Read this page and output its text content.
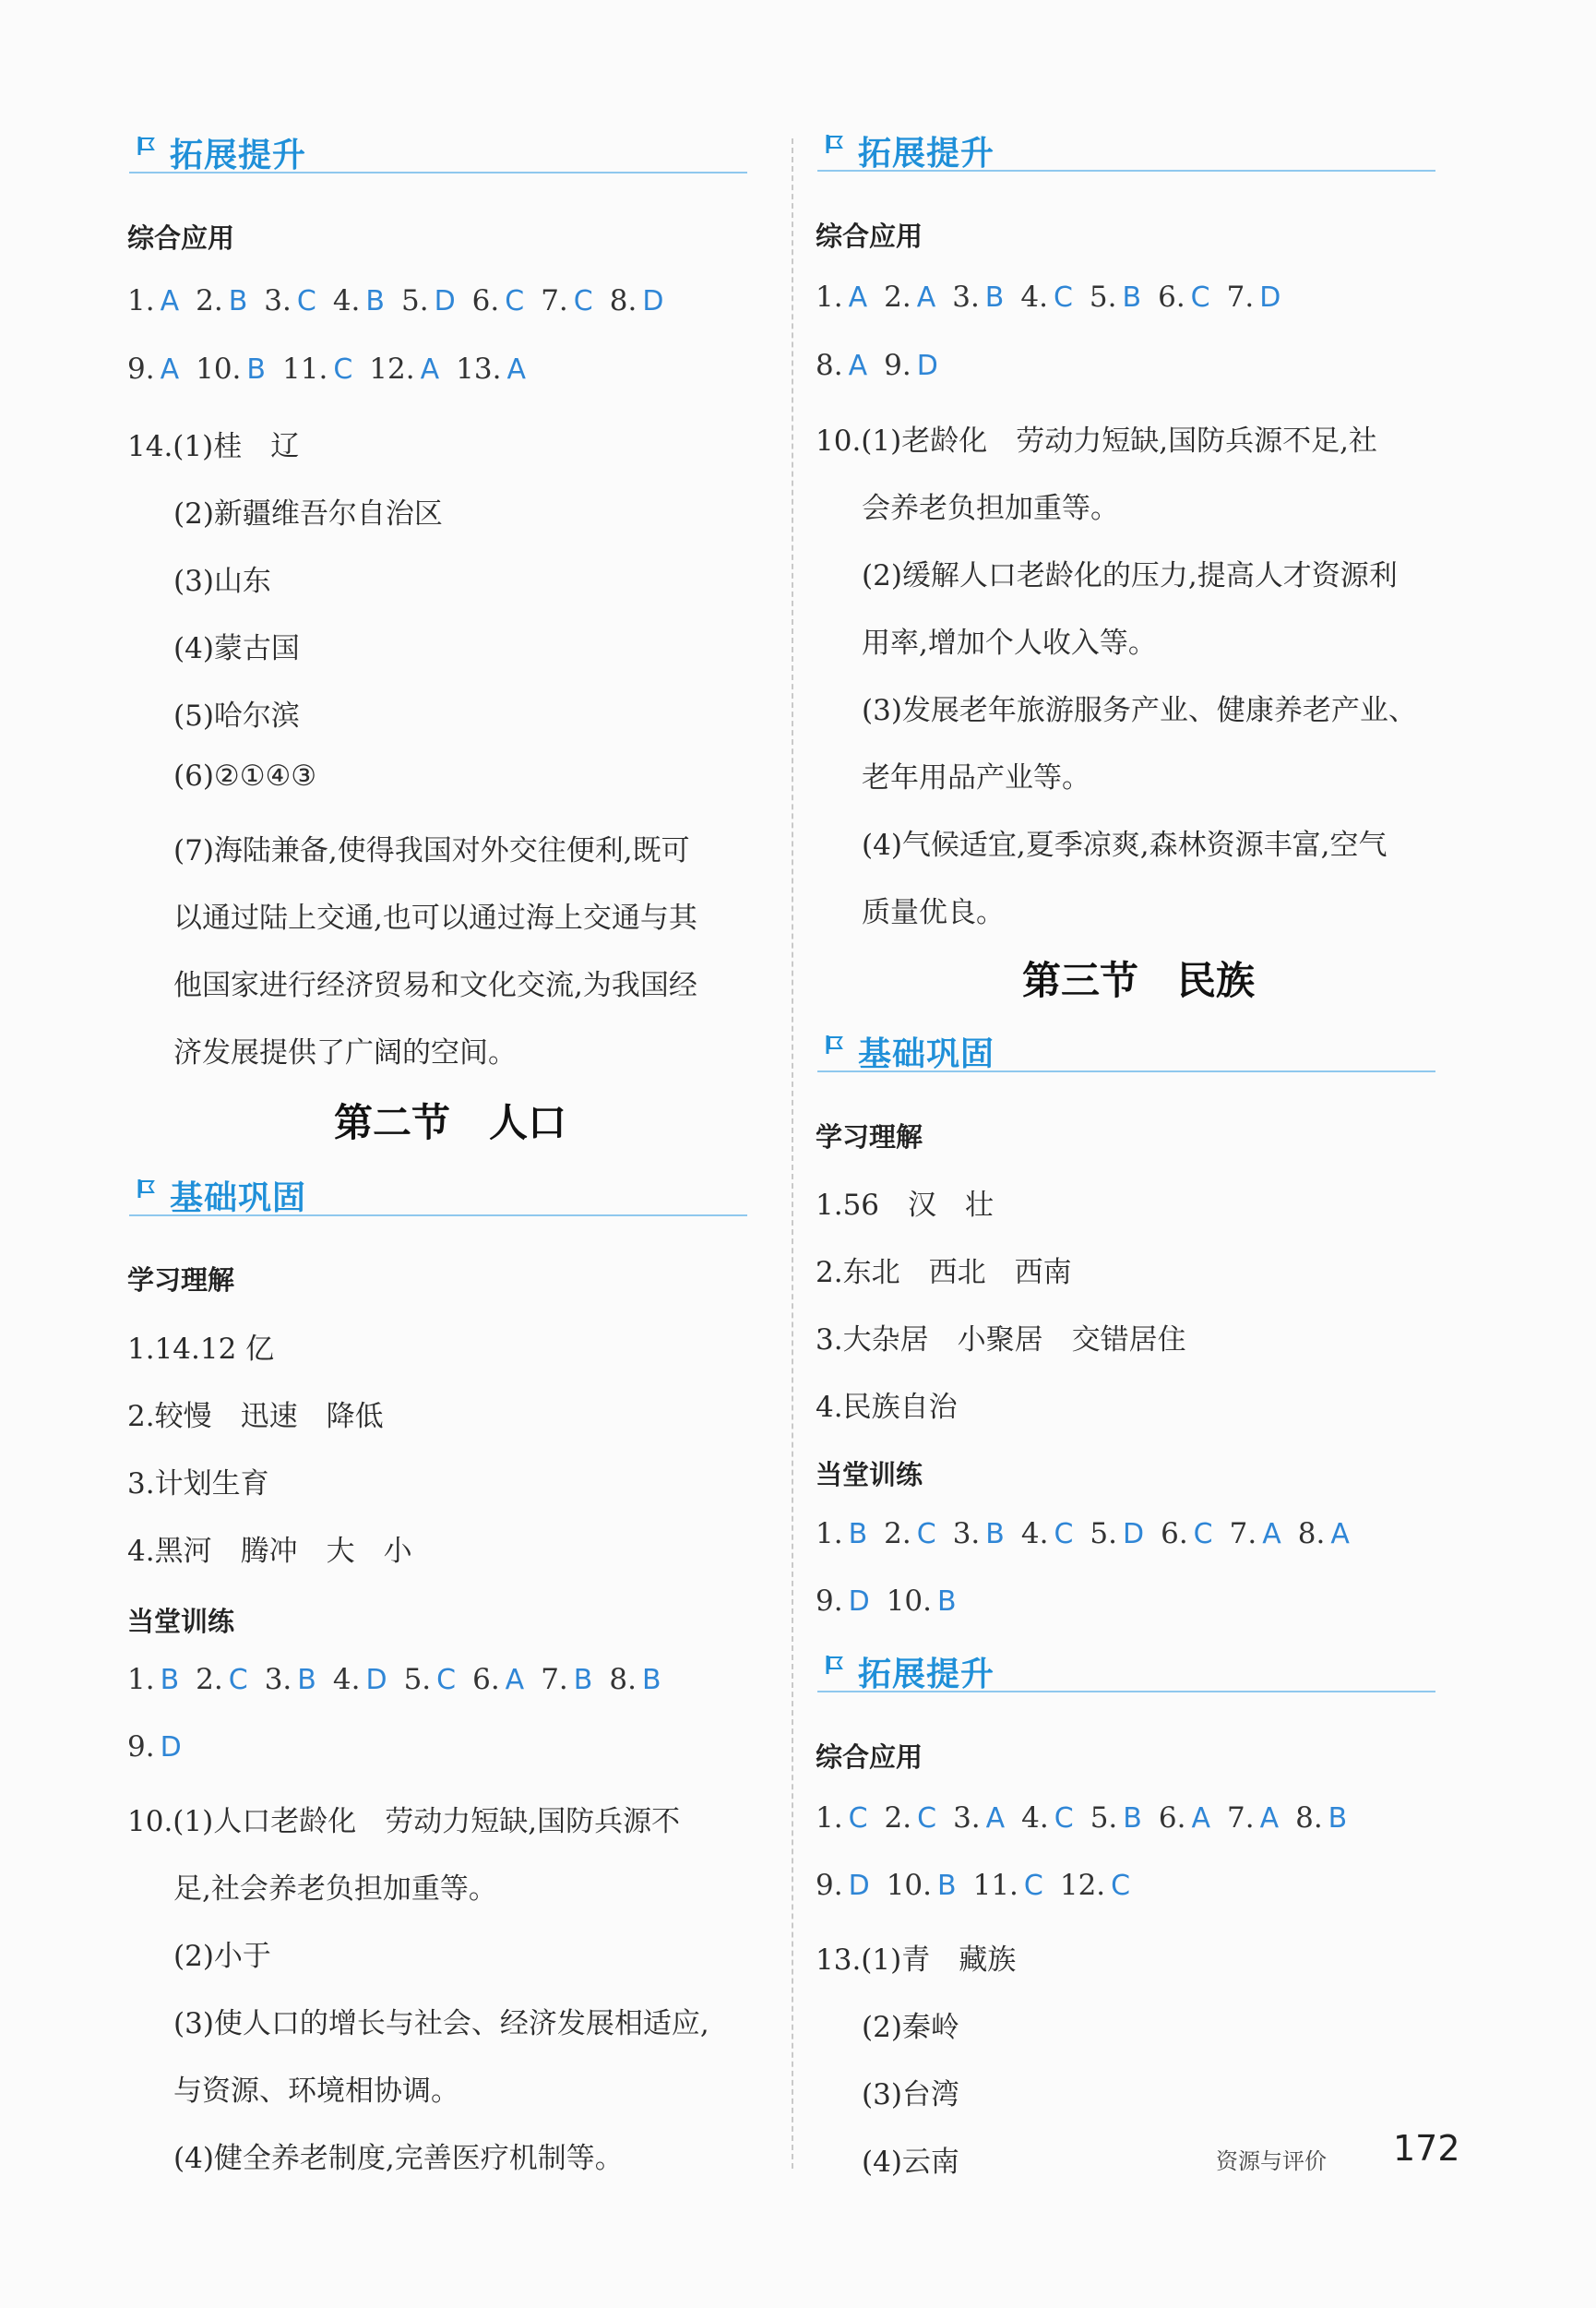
拓展提升
综合应用
1. A 2. B 3. C 4. B 5. D 6. C 7. C 8. D
9. A 10. B 11. C 12. A 13. A
14.(1)桂　辽
(2)新疆维吾尔自治区
(3)山东
(4)蒙古国
(5)哈尔滨
(6)②①④③
(7)海陆兼备,使得我国对外交往便利,既可
以通过陆上交通,也可以通过海上交通与其
他国家进行经济贸易和文化交流,为我国经
济发展提供了广阔的空间。
第二节　人口
基础巩固
学习理解
1.14.12 亿
2.较慢　迅速　降低
3.计划生育
4.黑河　腾冲　大　小
当堂训练
1. B 2. C 3. B 4. D 5. C 6. A 7. B 8. B
9. D
10.(1)人口老龄化　劳动力短缺,国防兵源不
足,社会养老负担加重等。
(2)小于
(3)使人口的增长与社会、经济发展相适应,
与资源、环境相协调。
(4)健全养老制度,完善医疗机制等。
拓展提升
综合应用
1. A 2. A 3. B 4. C 5. B 6. C 7. D
8. A 9. D
10.(1)老龄化　劳动力短缺,国防兵源不足,社
会养老负担加重等。
(2)缓解人口老龄化的压力,提高人才资源利
用率,增加个人收入等。
(3)发展老年旅游服务产业、健康养老产业、
老年用品产业等。
(4)气候适宜,夏季凉爽,森林资源丰富,空气
质量优良。
第三节　民族
基础巩固
学习理解
1.56　汉　壮
2.东北　西北　西南
3.大杂居　小聚居　交错居住
4.民族自治
当堂训练
1. B 2. C 3. B 4. C 5. D 6. C 7. A 8. A
9. D 10. B
拓展提升
综合应用
1. C 2. C 3. A 4. C 5. B 6. A 7. A 8. B
9. D 10. B 11. C 12. C
13.(1)青　藏族
(2)秦岭
(3)台湾
(4)云南	资源与评价 172
